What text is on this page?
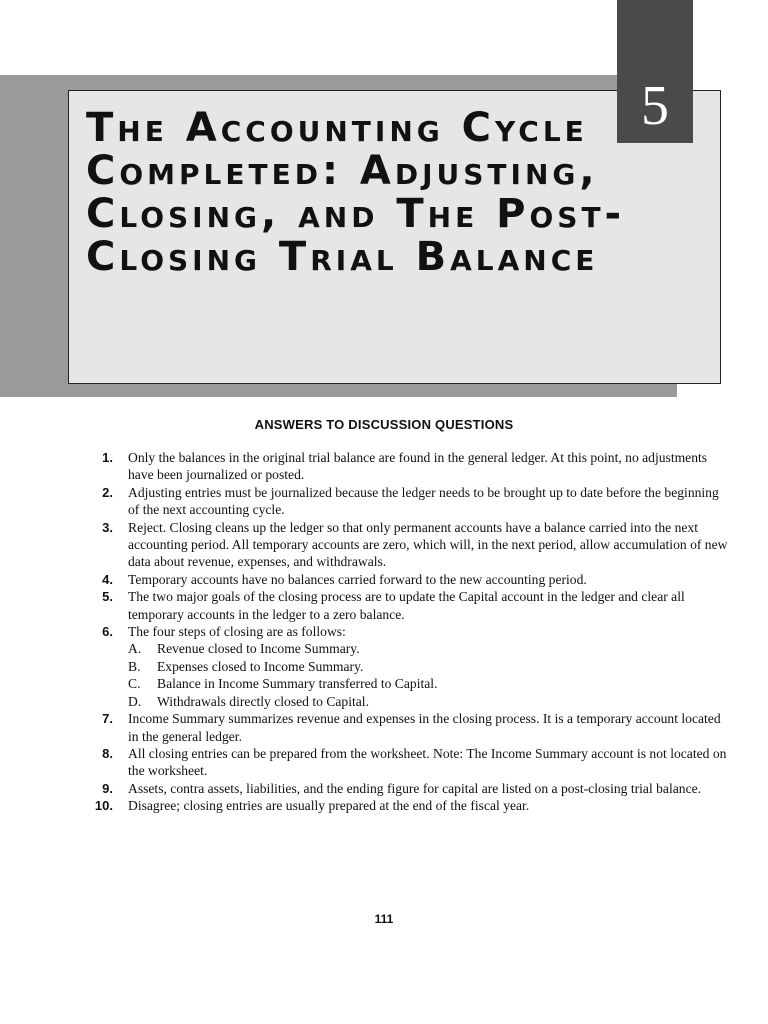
5
The Accounting Cycle Completed: Adjusting, Closing, and The Post-Closing Trial Balance
ANSWERS TO DISCUSSION QUESTIONS
1. Only the balances in the original trial balance are found in the general ledger. At this point, no adjustments have been journalized or posted.
2. Adjusting entries must be journalized because the ledger needs to be brought up to date before the beginning of the next accounting cycle.
3. Reject. Closing cleans up the ledger so that only permanent accounts have a balance carried into the next accounting period. All temporary accounts are zero, which will, in the next period, allow accumulation of new data about revenue, expenses, and withdrawals.
4. Temporary accounts have no balances carried forward to the new accounting period.
5. The two major goals of the closing process are to update the Capital account in the ledger and clear all temporary accounts in the ledger to a zero balance.
6. The four steps of closing are as follows:
A. Revenue closed to Income Summary.
B. Expenses closed to Income Summary.
C. Balance in Income Summary transferred to Capital.
D. Withdrawals directly closed to Capital.
7. Income Summary summarizes revenue and expenses in the closing process. It is a temporary account located in the general ledger.
8. All closing entries can be prepared from the worksheet. Note: The Income Summary account is not located on the worksheet.
9. Assets, contra assets, liabilities, and the ending figure for capital are listed on a post-closing trial balance.
10. Disagree; closing entries are usually prepared at the end of the fiscal year.
111
